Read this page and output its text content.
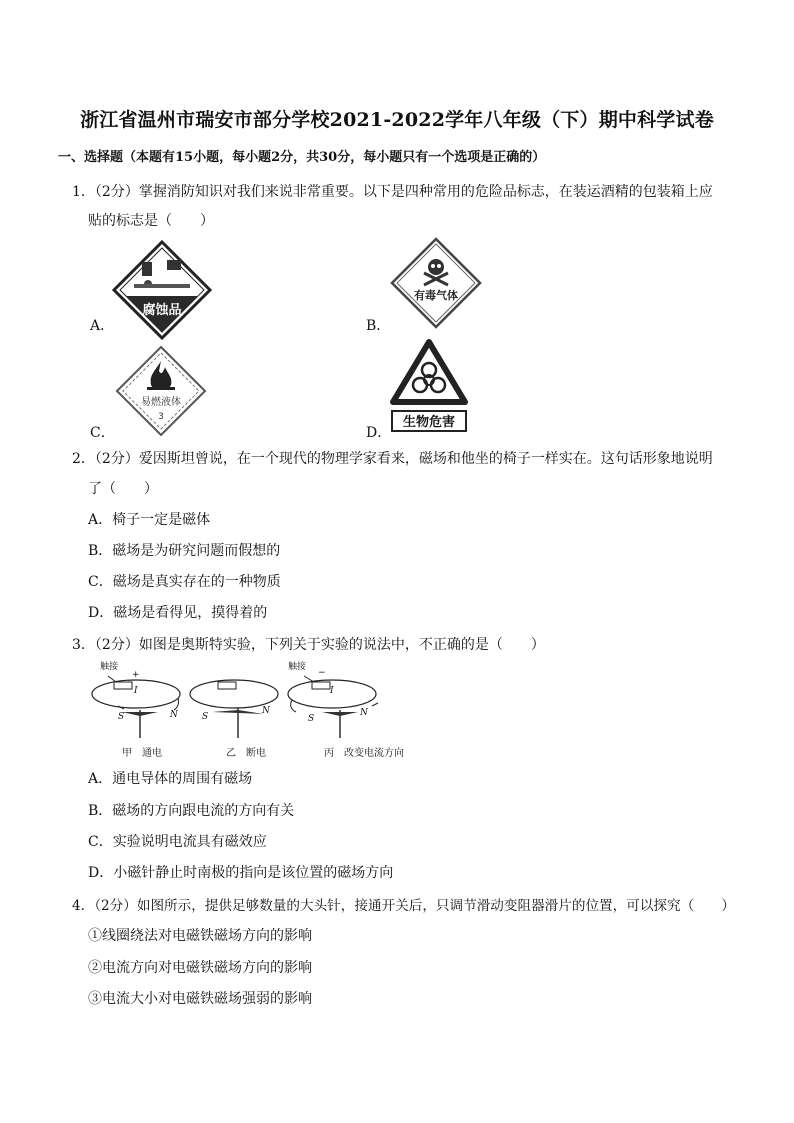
浙江省温州市瑞安市部分学校2021-2022学年八年级（下）期中科学试卷
一、选择题（本题有15小题，每小题2分，共30分，每小题只有一个选项是正确的）
1．（2分）掌握消防知识对我们来说非常重要。以下是四种常用的危险品标志，在装运酒精的包装箱上应
贴的标志是（　　）
A．	B．
C．	D．
腐蚀品
有毒气体
易燃液体
3	生物危害
2．（2分）爱因斯坦曾说，在一个现代的物理学家看来，磁场和他坐的椅子一样实在。这句话形象地说明
了（　　）
A．椅子一定是磁体
B．磁场是为研究问题而假想的
C．磁场是真实存在的一种物质
D．磁场是看得见，摸得着的
3．（2分）如图是奥斯特实验，下列关于实验的说法中，不正确的是（　　）
触接
+
I
S	N	S
N
触接
−
I
S
N
甲　通电	乙　断电	丙　改变电流方向
A．通电导体的周围有磁场
B．磁场的方向跟电流的方向有关
C．实验说明电流具有磁效应
D．小磁针静止时南极的指向是该位置的磁场方向
4．（2分）如图所示，提供足够数量的大头针，接通开关后，只调节滑动变阻器滑片的位置，可以探究（　　）
①线圈绕法对电磁铁磁场方向的影响
②电流方向对电磁铁磁场方向的影响
③电流大小对电磁铁磁场强弱的影响
